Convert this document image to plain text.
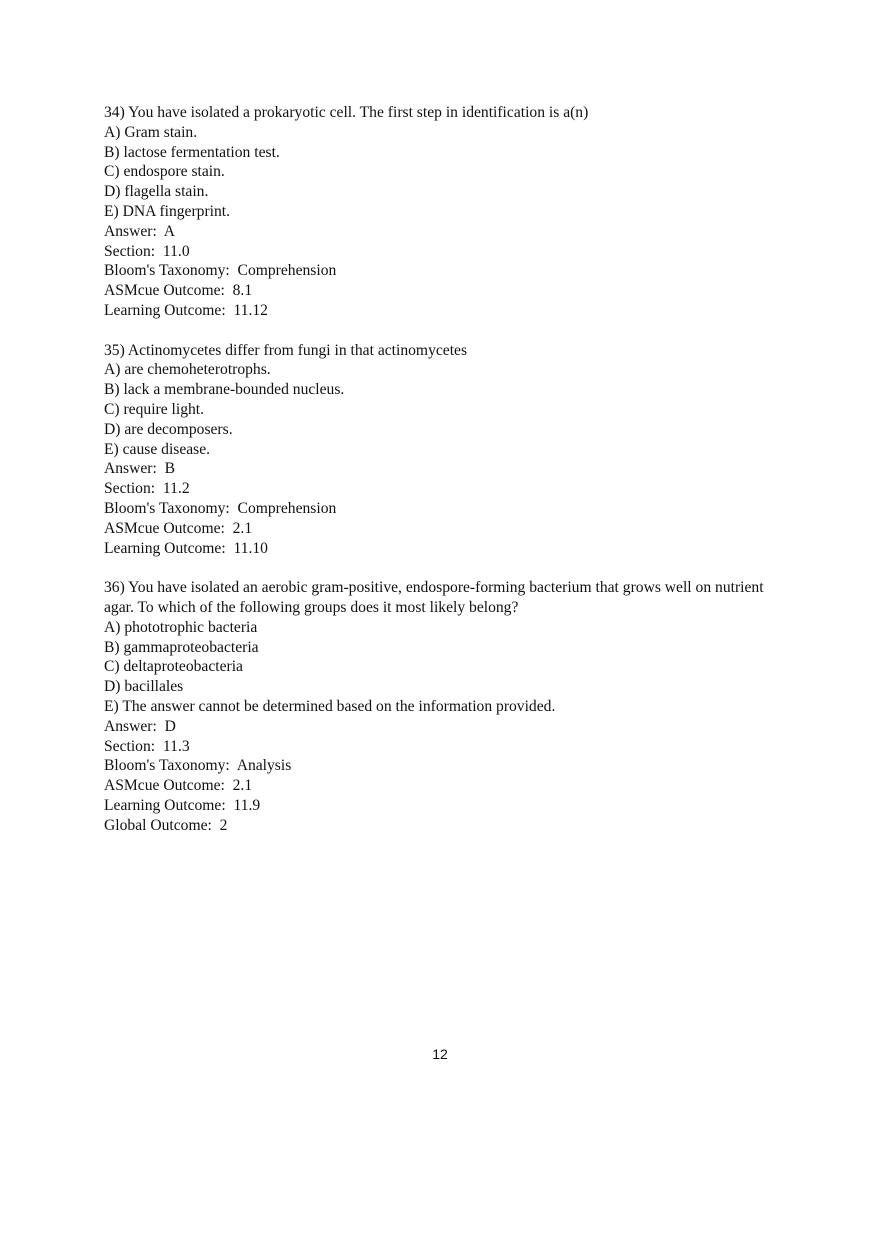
34) You have isolated a prokaryotic cell. The first step in identification is a(n)
A) Gram stain.
B) lactose fermentation test.
C) endospore stain.
D) flagella stain.
E) DNA fingerprint.
Answer:  A
Section:  11.0
Bloom's Taxonomy:  Comprehension
ASMcue Outcome:  8.1
Learning Outcome:  11.12
35) Actinomycetes differ from fungi in that actinomycetes
A) are chemoheterotrophs.
B) lack a membrane-bounded nucleus.
C) require light.
D) are decomposers.
E) cause disease.
Answer:  B
Section:  11.2
Bloom's Taxonomy:  Comprehension
ASMcue Outcome:  2.1
Learning Outcome:  11.10
36) You have isolated an aerobic gram-positive, endospore-forming bacterium that grows well on nutrient agar. To which of the following groups does it most likely belong?
A) phototrophic bacteria
B) gammaproteobacteria
C) deltaproteobacteria
D) bacillales
E) The answer cannot be determined based on the information provided.
Answer:  D
Section:  11.3
Bloom's Taxonomy:  Analysis
ASMcue Outcome:  2.1
Learning Outcome:  11.9
Global Outcome:  2
12
